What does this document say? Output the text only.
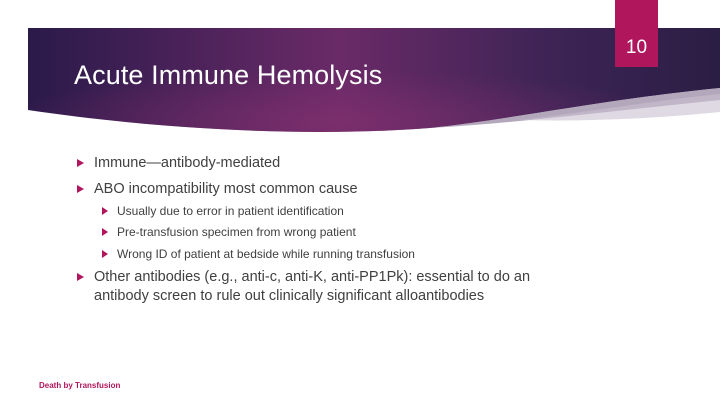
Acute Immune Hemolysis
10
Immune—antibody-mediated
ABO incompatibility most common cause
Usually due to error in patient identification
Pre-transfusion specimen from wrong patient
Wrong ID of patient at bedside while running transfusion
Other antibodies (e.g., anti-c, anti-K, anti-PP1Pk): essential to do an antibody screen to rule out clinically significant alloantibodies
Death by Transfusion
